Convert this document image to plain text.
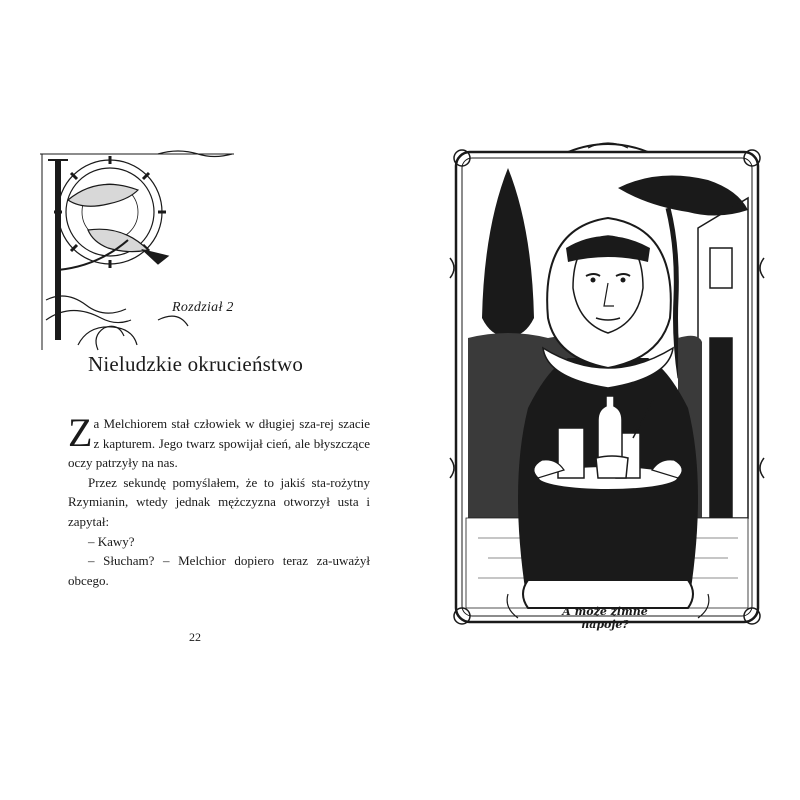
Rozdział 2
Nieludzkie okrucieństwo

Za Melchiorem stał człowiek w długiej sza-rej szacie z kapturem. Jego twarz spowijał cień, ale błyszczące oczy patrzyły na nas.

Przez sekundę pomyślałem, że to jakiś sta-rożytny Rzymianin, wtedy jednak mężczyzna otworzył usta i zapytał:

– Kawy?

– Słucham? – Melchior dopiero teraz za-uważył obcego.

22
A może zimne napoje?
